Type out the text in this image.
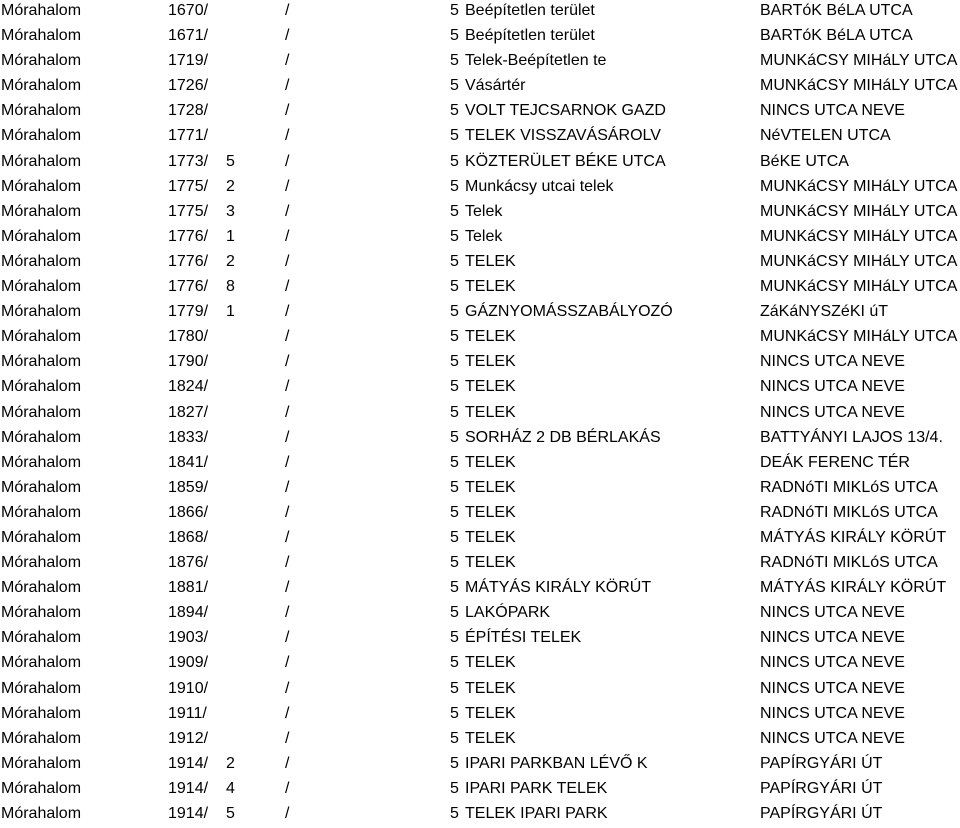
Mórahalom	1670/	/	5 Beépítetlen terület	BARTóK BéLA UTCA
Mórahalom	1671/	/	5 Beépítetlen terület	BARTóK BéLA UTCA
Mórahalom	1719/	/	5 Telek-Beépítetlen te	MUNKáCSY MIHáLY UTCA
Mórahalom	1726/	/	5 Vásártér	MUNKáCSY MIHáLY UTCA
Mórahalom	1728/	/	5 VOLT TEJCSARNOK GAZD	NINCS UTCA NEVE
Mórahalom	1771/	/	5 TELEK VISSZAVÁSÁROLV	NéVTELEN UTCA
Mórahalom	1773/ 5	/	5 KÖZTERÜLET BÉKE UTCA	BéKE UTCA
Mórahalom	1775/ 2	/	5 Munkácsy utcai telek	MUNKáCSY MIHáLY UTCA
Mórahalom	1775/ 3	/	5 Telek	MUNKáCSY MIHáLY UTCA
Mórahalom	1776/ 1	/	5 Telek	MUNKáCSY MIHáLY UTCA
Mórahalom	1776/ 2	/	5 TELEK	MUNKáCSY MIHáLY UTCA
Mórahalom	1776/ 8	/	5 TELEK	MUNKáCSY MIHáLY UTCA
Mórahalom	1779/ 1	/	5 GÁZNYOMÁSSZABÁLYOZÓ	ZáKáNYSZéKI úT
Mórahalom	1780/	/	5 TELEK	MUNKáCSY MIHáLY UTCA
Mórahalom	1790/	/	5 TELEK	NINCS UTCA NEVE
Mórahalom	1824/	/	5 TELEK	NINCS UTCA NEVE
Mórahalom	1827/	/	5 TELEK	NINCS UTCA NEVE
Mórahalom	1833/	/	5 SORHÁZ 2 DB BÉRLAKÁS	BATTYÁNYI LAJOS 13/4.
Mórahalom	1841/	/	5 TELEK	DEÁK FERENC TÉR
Mórahalom	1859/	/	5 TELEK	RADNóTI MIKLóS UTCA
Mórahalom	1866/	/	5 TELEK	RADNóTI MIKLóS UTCA
Mórahalom	1868/	/	5 TELEK	MÁTYÁS KIRÁLY KÖRÚT
Mórahalom	1876/	/	5 TELEK	RADNóTI MIKLóS UTCA
Mórahalom	1881/	/	5 MÁTYÁS KIRÁLY KÖRÚT	MÁTYÁS KIRÁLY KÖRÚT
Mórahalom	1894/	/	5 LAKÓPARK	NINCS UTCA NEVE
Mórahalom	1903/	/	5 ÉPÍTÉSI TELEK	NINCS UTCA NEVE
Mórahalom	1909/	/	5 TELEK	NINCS UTCA NEVE
Mórahalom	1910/	/	5 TELEK	NINCS UTCA NEVE
Mórahalom	1911/	/	5 TELEK	NINCS UTCA NEVE
Mórahalom	1912/	/	5 TELEK	NINCS UTCA NEVE
Mórahalom	1914/ 2	/	5 IPARI PARKBAN LÉVŐ K	PAPÍRGYÁRI ÚT
Mórahalom	1914/ 4	/	5 IPARI PARK TELEK	PAPÍRGYÁRI ÚT
Mórahalom	1914/ 5	/	5 TELEK IPARI PARK	PAPÍRGYÁRI ÚT
